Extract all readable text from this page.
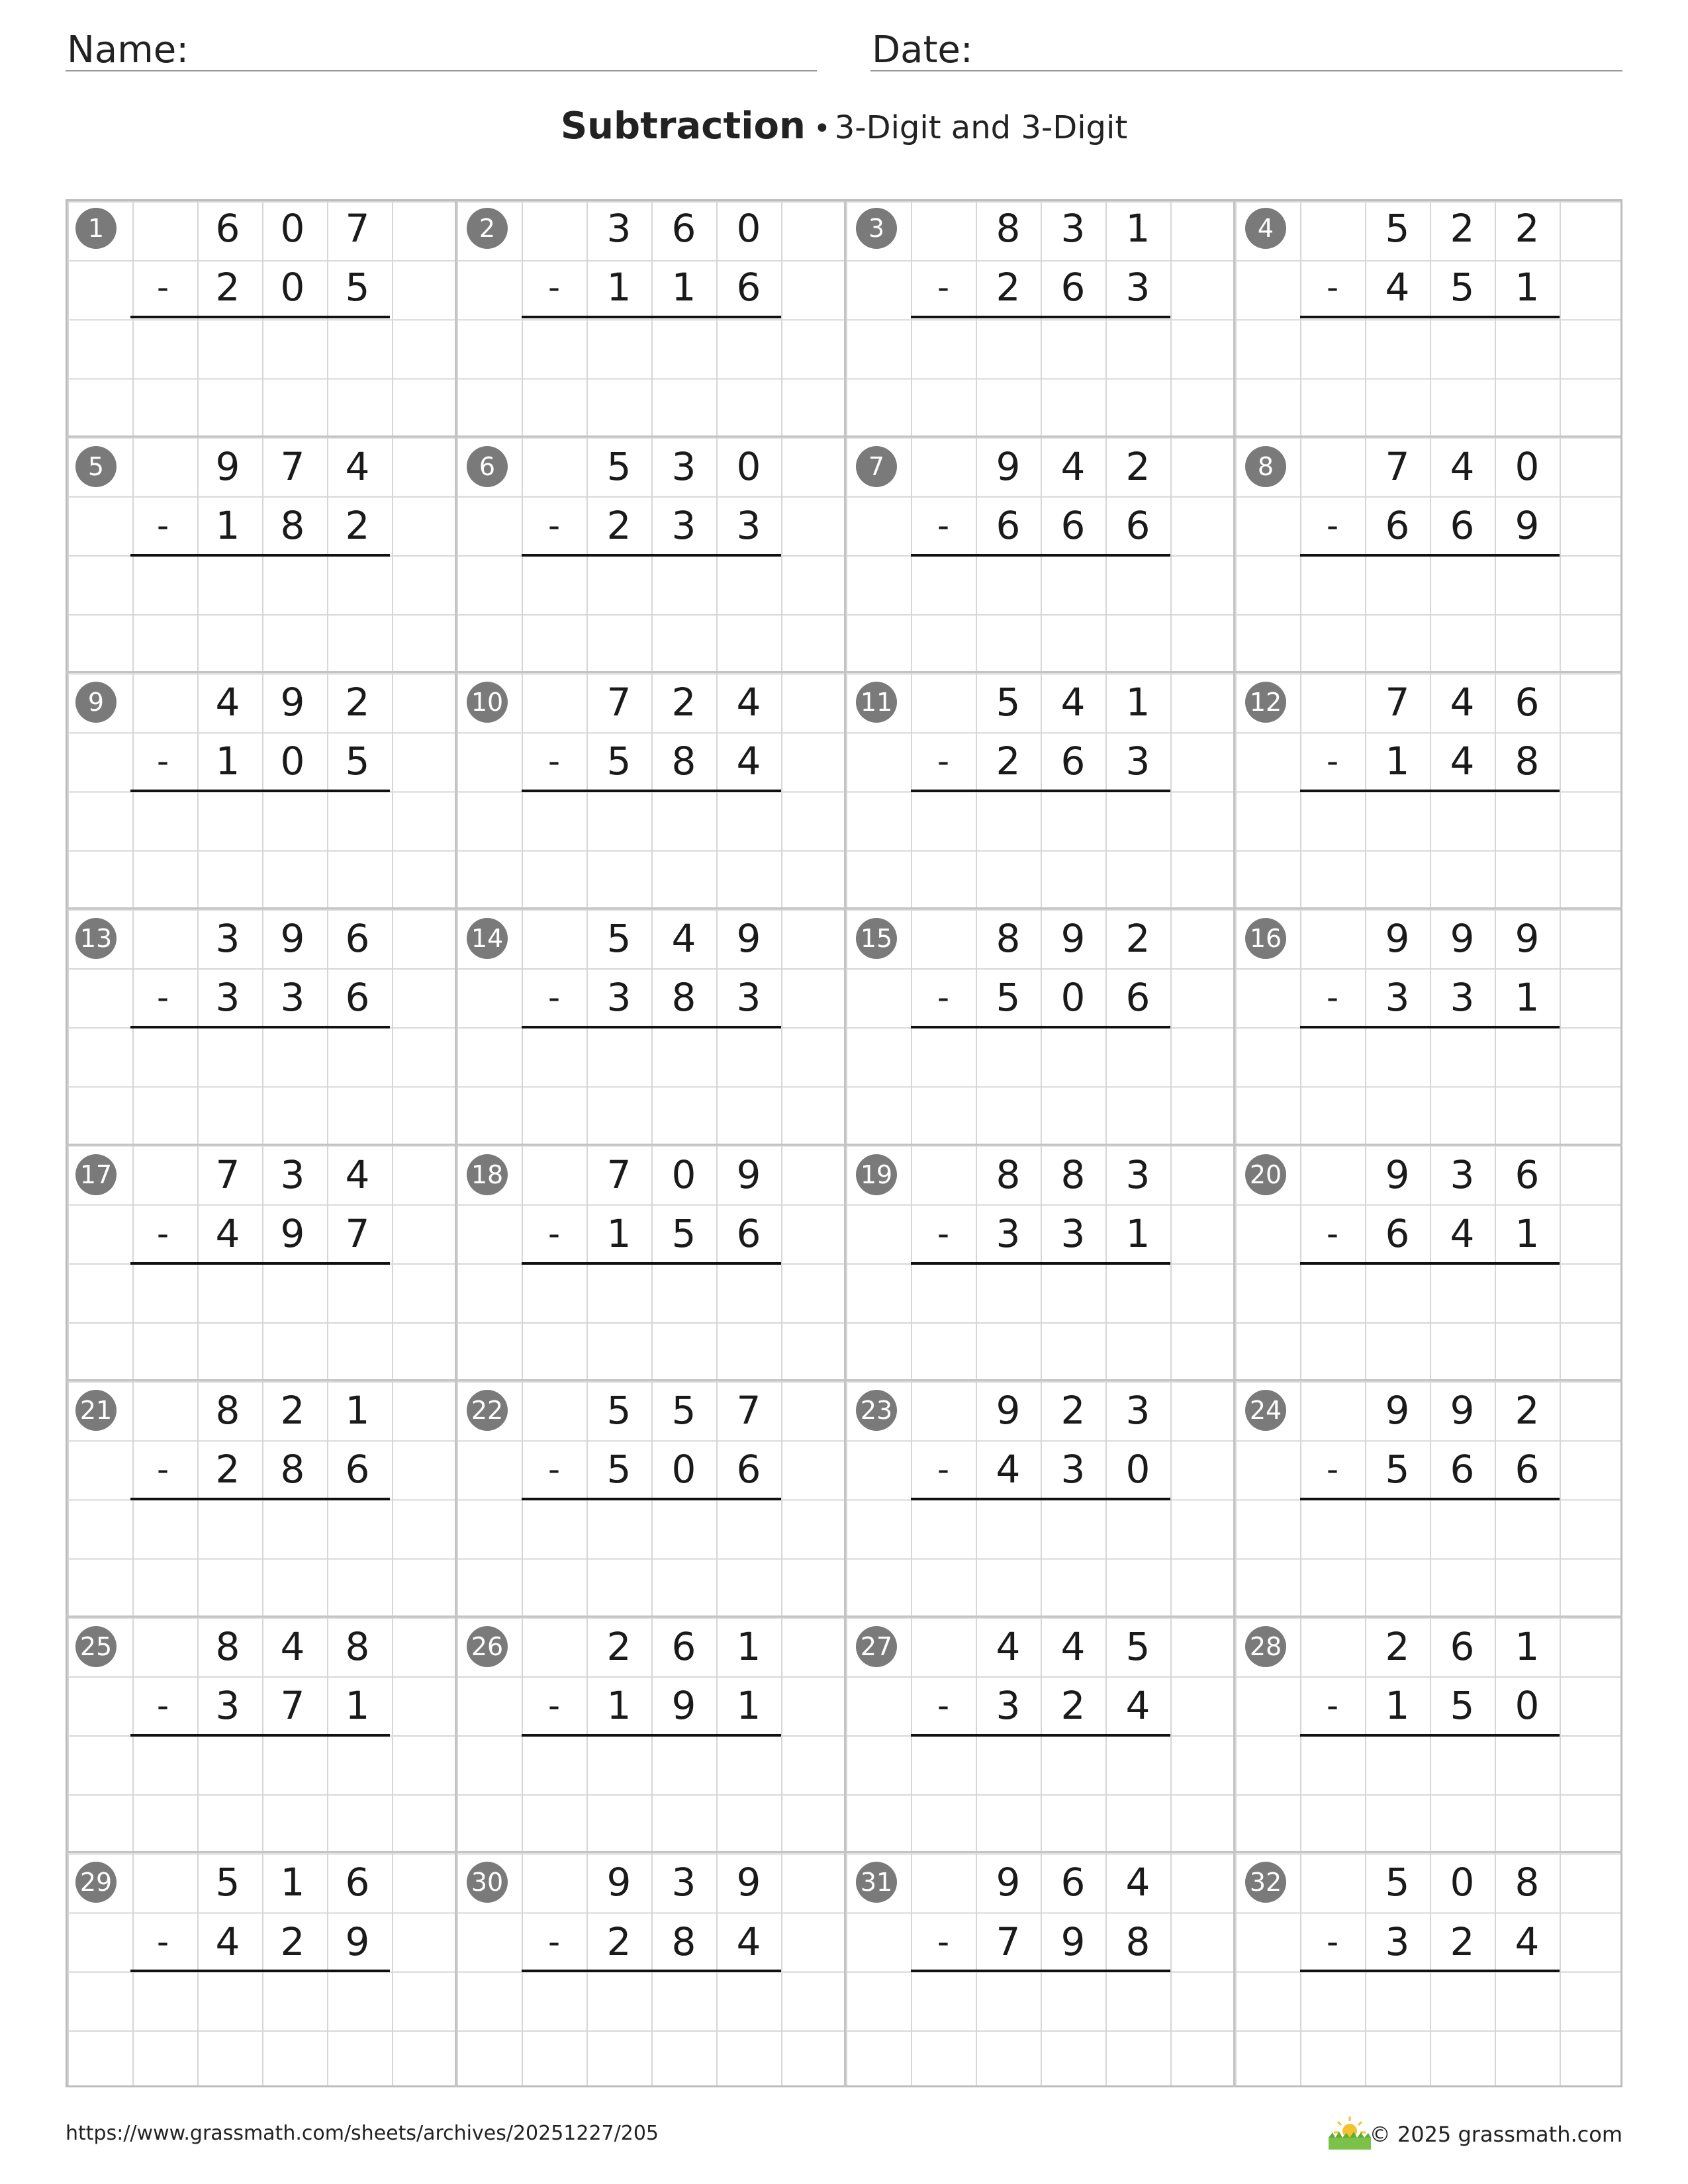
Name:	Date:
Subtraction • 3-Digit and 3-Digit
1
-
6	0	7
2	0	5
2
-
3	6	0
1	1	6
3
-
8	3	1
2	6	3
4
-
5	2	2
4	5	1
5
-
9	7	4
1	8	2
6
-
5	3	0
2	3	3
7
-
9	4	2
6	6	6
8
-
7	4	0
6	6	9
9
-
4	9	2
1	0	5
10
-
7	2	4
5	8	4
11
-
5	4	1
2	6	3
12
-
7	4	6
1	4	8
13
-
3	9	6
3	3	6
14
-
5	4	9
3	8	3
15
-
8	9	2
5	0	6
16
-
9	9	9
3	3	1
17
-
7	3	4
4	9	7
18
-
7	0	9
1	5	6
19
-
8	8	3
3	3	1
20
-
9	3	6
6	4	1
21
-
8	2	1
2	8	6
22
-
5	5	7
5	0	6
23
-
9	2	3
4	3	0
24
-
9	9	2
5	6	6
25
-
8	4	8
3	7	1
26
-
2	6	1
1	9	1
27
-
4	4	5
3	2	4
28
-
2	6	1
1	5	0
29
-
5	1	6
4	2	9
30
-
9	3	9
2	8	4
31
-
9	6	4
7	9	8
32
-
5	0	8
3	2	4
https://www.grassmath.com/sheets/archives/20251227/205	© 2025 grassmath.com
